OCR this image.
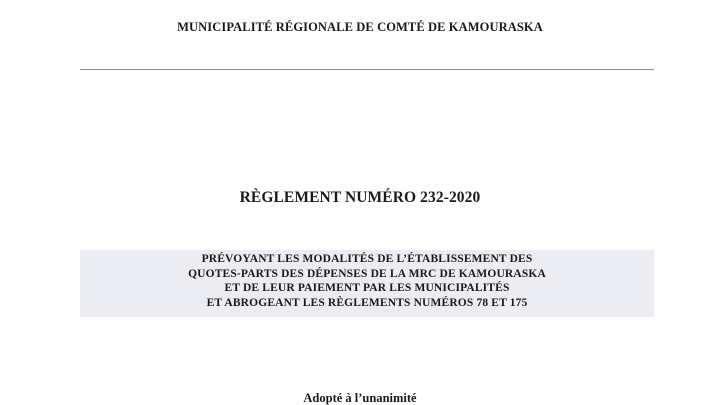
MUNICIPALITÉ RÉGIONALE DE COMTÉ DE KAMOURASKA
RÈGLEMENT NUMÉRO 232-2020
PRÉVOYANT LES MODALITÉS DE L’ÉTABLISSEMENT DES
QUOTES-PARTS DES DÉPENSES DE LA MRC DE KAMOURASKA
ET DE LEUR PAIEMENT PAR LES MUNICIPALITÉS
ET ABROGEANT LES RÈGLEMENTS NUMÉROS 78 ET 175
Adopté à l’unanimité
